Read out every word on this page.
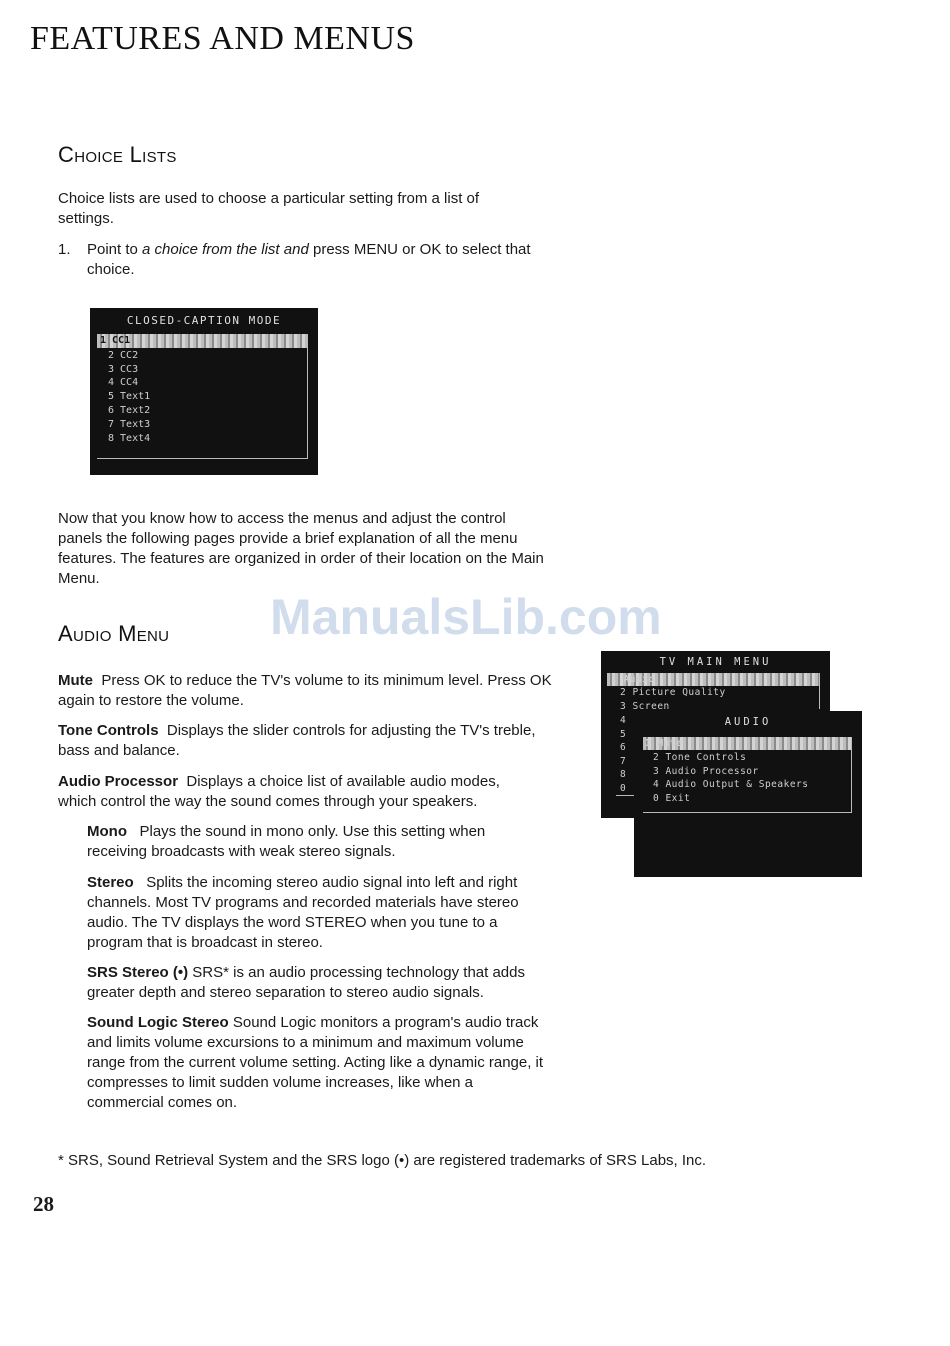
FEATURES AND MENUS
Choice Lists
Choice lists are used to choose a particular setting from a list of settings.
1.	Point to a choice from the list and press MENU or OK to select that choice.
CLOSED-CAPTION MODE
1 CC1
2 CC2
3 CC3
4 CC4
5 Text1
6 Text2
7 Text3
8 Text4
Now that you know how to access the menus and adjust the control panels the following pages provide a brief explanation of all the menu features. The features are organized in order of their location on the Main Menu.
ManualsLib.com
Audio Menu
Mute Press OK to reduce the TV's volume to its minimum level. Press OK again to restore the volume.
Tone Controls Displays the slider controls for adjusting the TV's treble, bass and balance.
Audio Processor Displays a choice list of available audio modes, which control the way the sound comes through your speakers.
Mono Plays the sound in mono only. Use this setting when receiving broadcasts with weak stereo signals.
Stereo Splits the incoming stereo audio signal into left and right channels. Most TV programs and recorded materials have stereo audio. The TV displays the word STEREO when you tune to a program that is broadcast in stereo.
SRS Stereo (•) SRS* is an audio processing technology that adds greater depth and stereo separation to stereo audio signals.
Sound Logic Stereo Sound Logic monitors a program's audio track and limits volume excursions to a minimum and maximum volume range from the current volume setting. Acting like a dynamic range, it compresses to limit sudden volume increases, like when a commercial comes on.
TV MAIN MENU
1 Audio
2 Picture Quality
3 Screen
4
5
6
7
8
0
AUDIO
1 Mute
2 Tone Controls
3 Audio Processor
4 Audio Output & Speakers
0 Exit
* SRS, Sound Retrieval System and the SRS logo (•) are registered trademarks of SRS Labs, Inc.
28
